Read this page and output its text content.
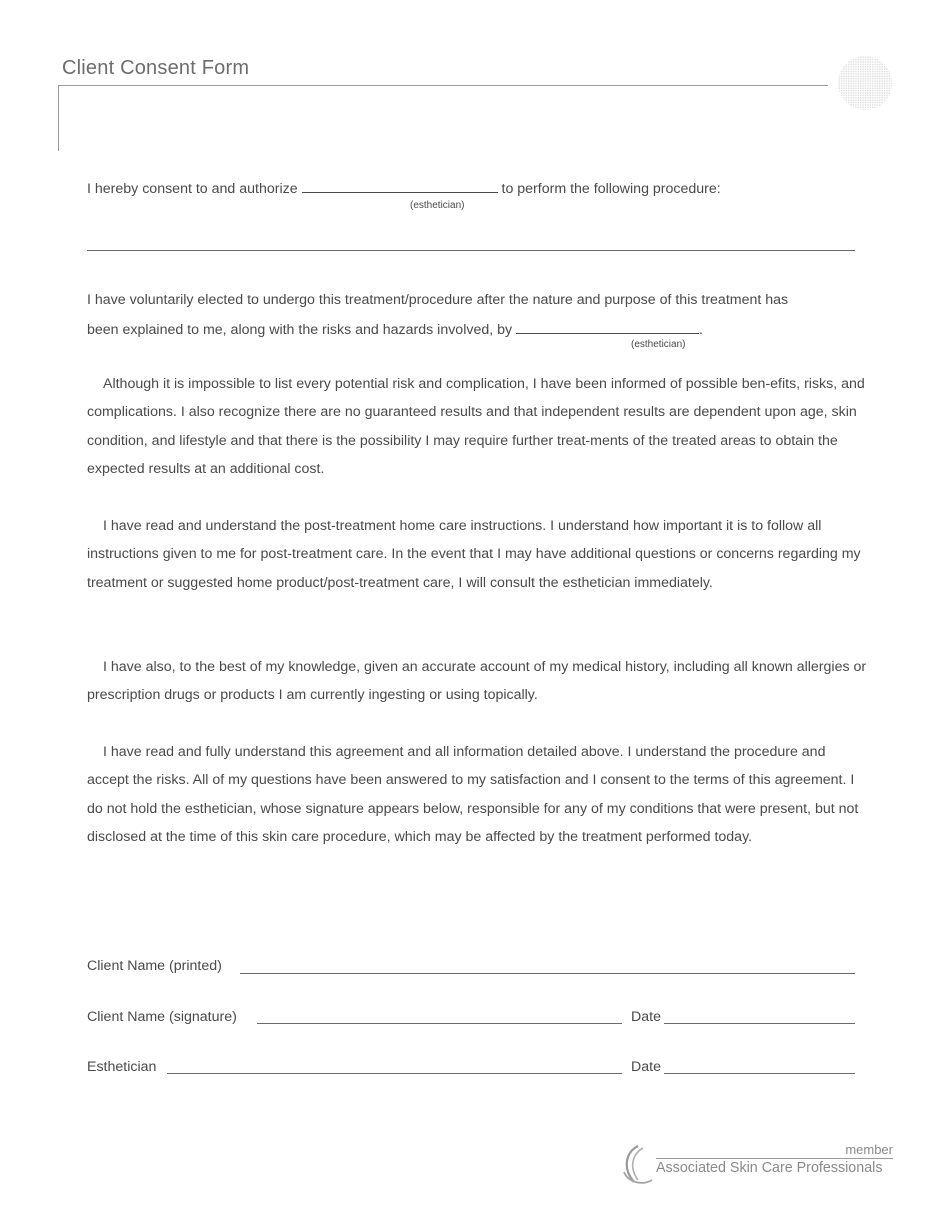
Client Consent Form
I hereby consent to and authorize	to perform the following procedure:
(esthetician)
I have voluntarily elected to undergo this treatment/procedure after the nature and purpose of this treatment has
been explained to me, along with the risks and hazards involved, by	.
(esthetician)

Although it is impossible to list every potential risk and complication, I have been informed of possible ben-efits, risks, and complications. I also recognize there are no guaranteed results and that independent results are dependent upon age, skin condition, and lifestyle and that there is the possibility I may require further treat-ments of the treated areas to obtain the expected results at an additional cost.

I have read and understand the post-treatment home care instructions. I understand how important it is to follow all instructions given to me for post-treatment care. In the event that I may have additional questions or concerns regarding my treatment or suggested home product/post-treatment care, I will consult the esthetician immediately.

I have also, to the best of my knowledge, given an accurate account of my medical history, including all known allergies or prescription drugs or products I am currently ingesting or using topically.

I have read and fully understand this agreement and all information detailed above. I understand the procedure and accept the risks. All of my questions have been answered to my satisfaction and I consent to the terms of this agreement. I do not hold the esthetician, whose signature appears below, responsible for any of my conditions that were present, but not disclosed at the time of this skin care procedure, which may be affected by the treatment performed today.

Client Name (printed)
Client Name (signature)	Date
Esthetician	Date
member
Associated Skin Care Professionals
